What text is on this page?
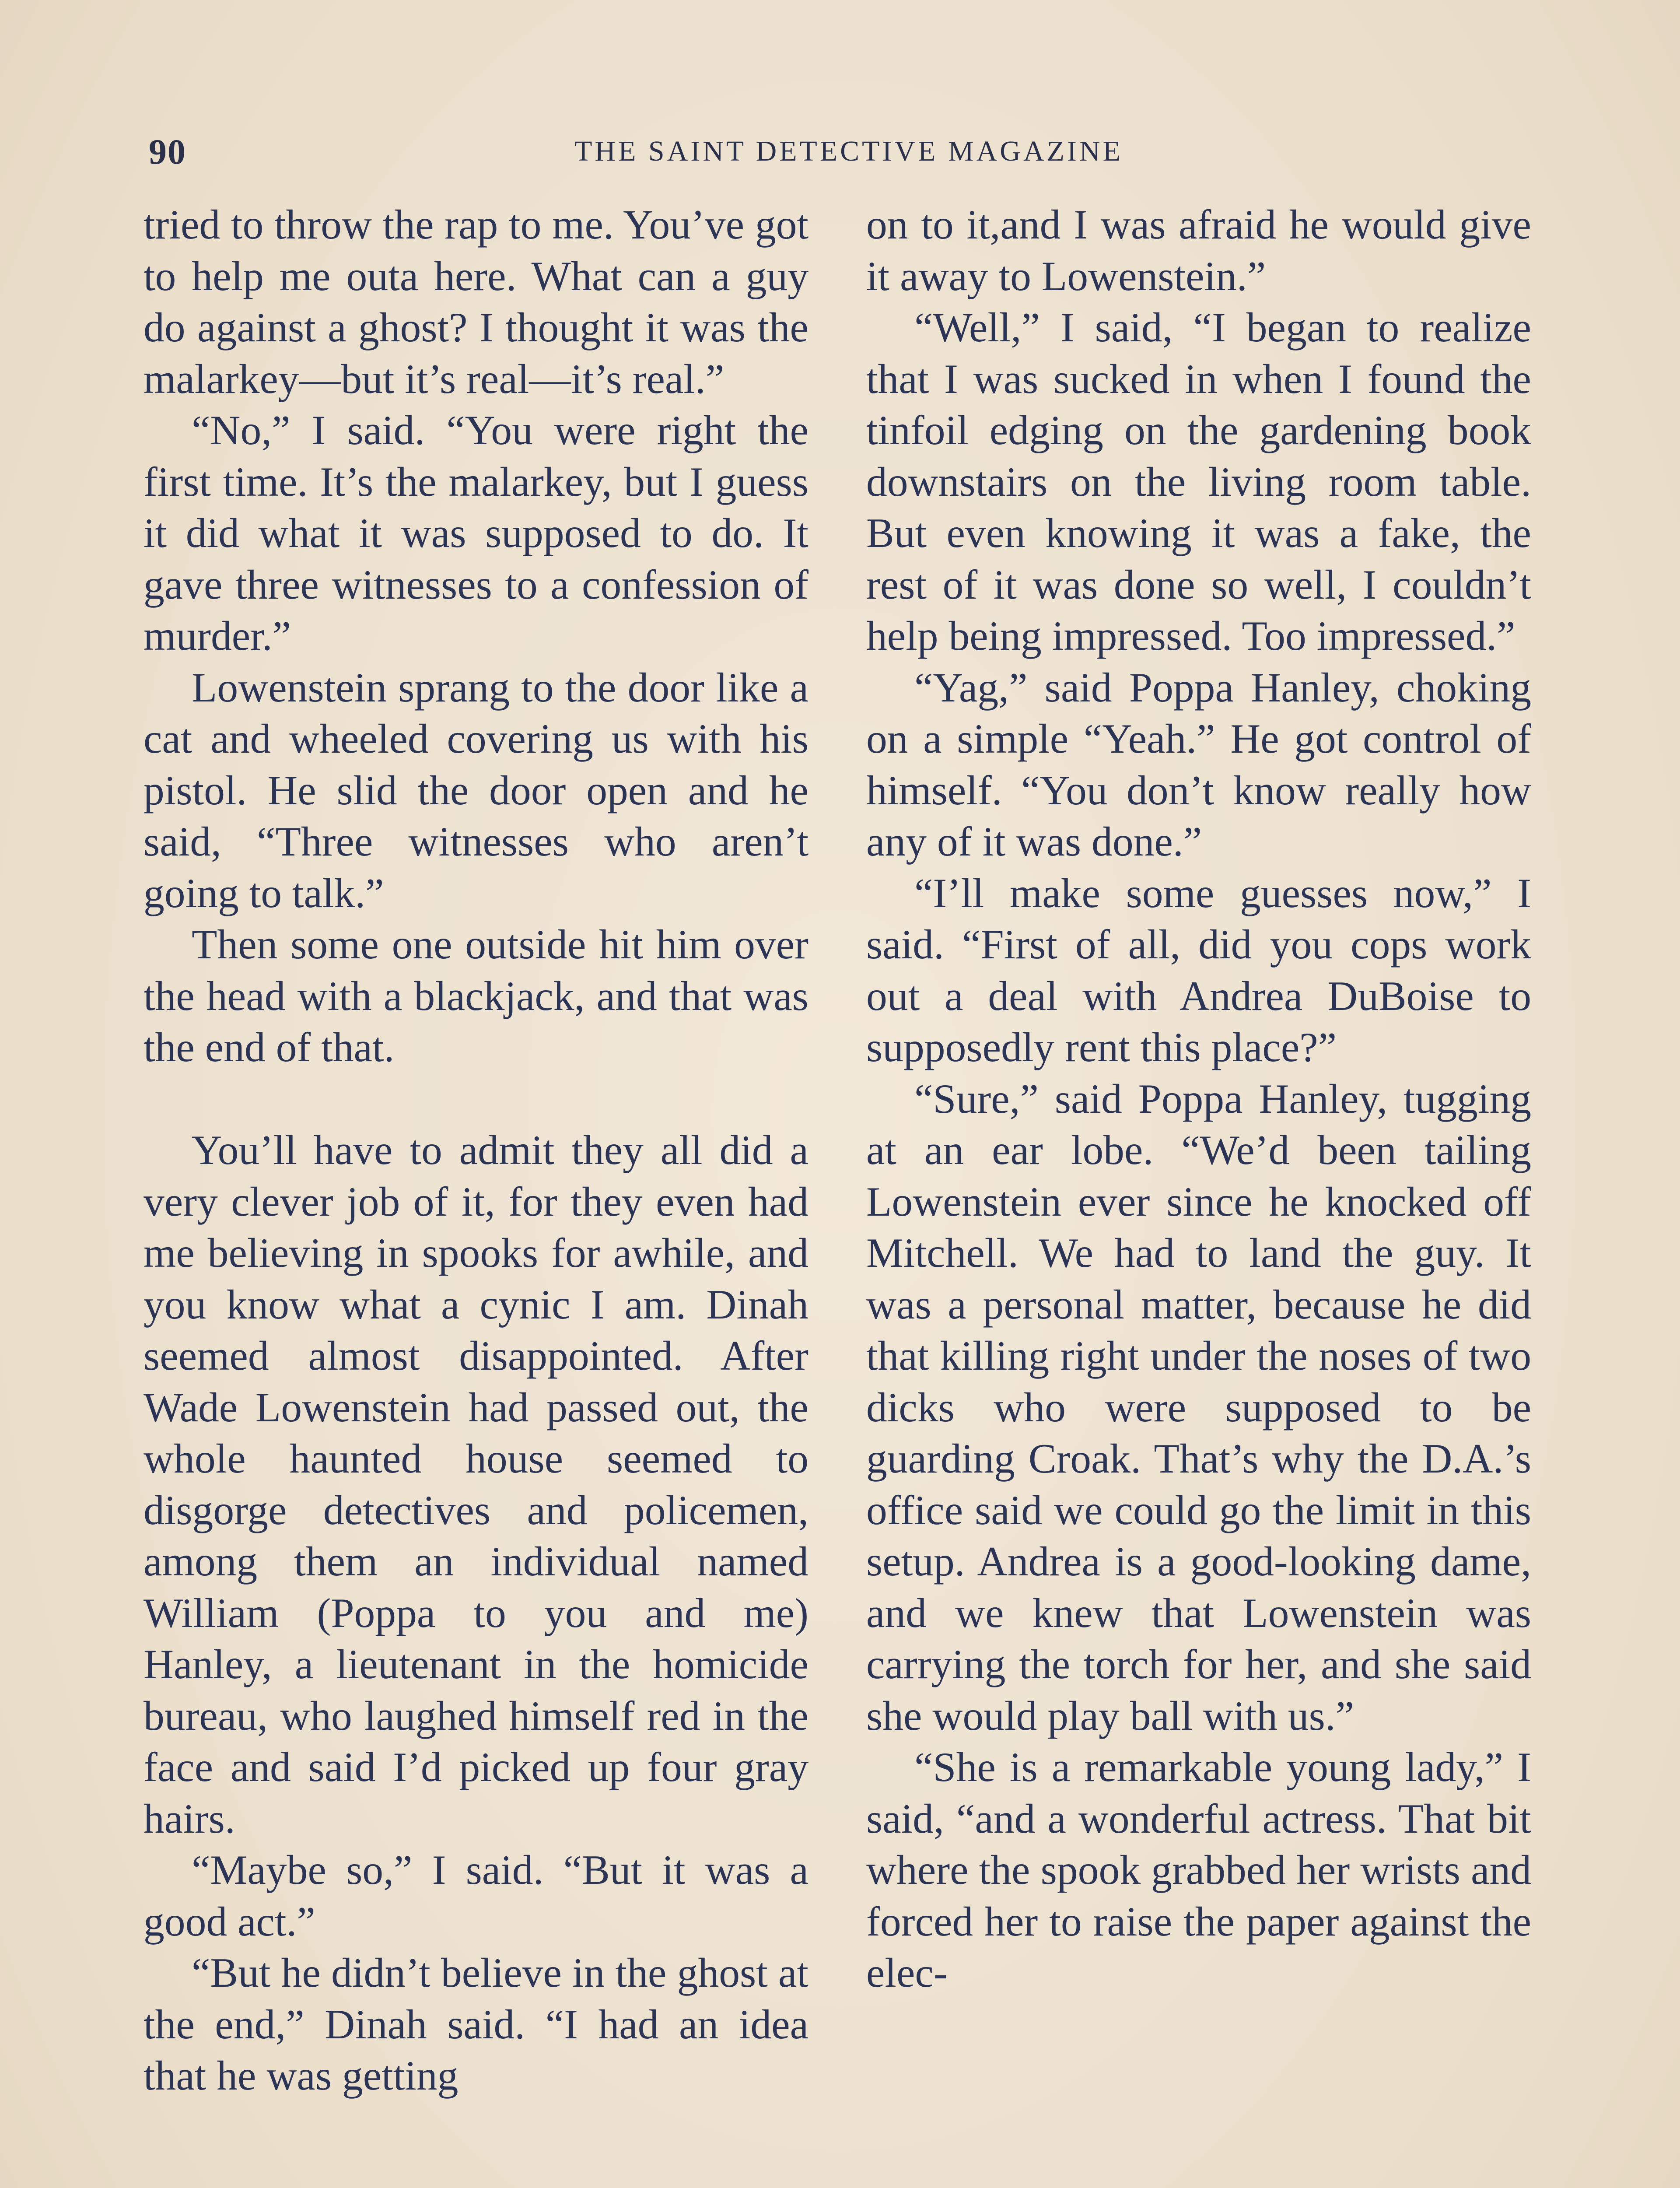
90	THE SAINT DETECTIVE MAGAZINE

tried to throw the rap to me. You’ve got to help me outa here. What can a guy do against a ghost? I thought it was the malarkey—but it’s real—it’s real.”

“No,” I said. “You were right the first time. It’s the malarkey, but I guess it did what it was supposed to do. It gave three witnesses to a confession of murder.”

Lowenstein sprang to the door like a cat and wheeled covering us with his pistol. He slid the door open and he said, “Three witnesses who aren’t going to talk.”

Then some one outside hit him over the head with a blackjack, and that was the end of that.

You’ll have to admit they all did a very clever job of it, for they even had me believing in spooks for awhile, and you know what a cynic I am. Dinah seemed almost disappointed. After Wade Lowenstein had passed out, the whole haunted house seemed to disgorge detectives and policemen, among them an individual named William (Poppa to you and me) Hanley, a lieutenant in the homicide bureau, who laughed himself red in the face and said I’d picked up four gray hairs.

“Maybe so,” I said. “But it was a good act.”

“But he didn’t believe in the ghost at the end,” Dinah said. “I had an idea that he was getting

on to it,and I was afraid he would give it away to Lowenstein.”

“Well,” I said, “I began to realize that I was sucked in when I found the tinfoil edging on the gardening book downstairs on the living room table. But even knowing it was a fake, the rest of it was done so well, I couldn’t help being impressed. Too impressed.”

“Yag,” said Poppa Hanley, choking on a simple “Yeah.” He got control of himself. “You don’t know really how any of it was done.”

“I’ll make some guesses now,” I said. “First of all, did you cops work out a deal with Andrea DuBoise to supposedly rent this place?”

“Sure,” said Poppa Hanley, tugging at an ear lobe. “We’d been tailing Lowenstein ever since he knocked off Mitchell. We had to land the guy. It was a personal matter, because he did that killing right under the noses of two dicks who were supposed to be guarding Croak. That’s why the D.A.’s office said we could go the limit in this setup. Andrea is a good-looking dame, and we knew that Lowenstein was carrying the torch for her, and she said she would play ball with us.”

“She is a remarkable young lady,” I said, “and a wonderful actress. That bit where the spook grabbed her wrists and forced her to raise the paper against the elec-
